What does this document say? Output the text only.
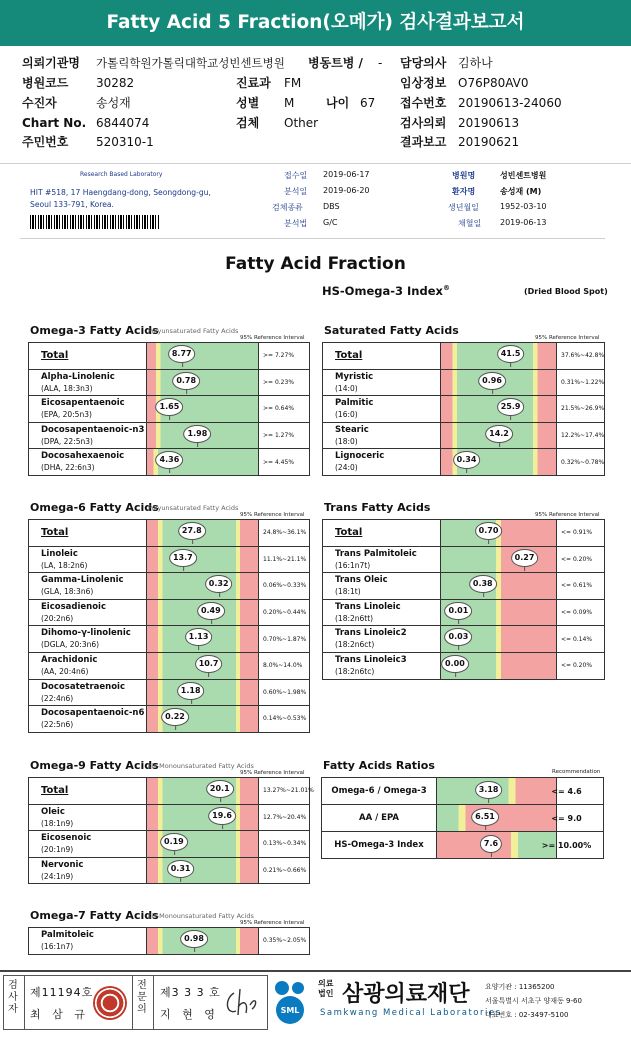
Fatty Acid 5 Fraction(오메가) 검사결과보고서
의뢰기관명 가톨릭학원가톨릭대학교성빈센트병원 병동트병 / - 담당의사 김하나
병원코드 30282	진료과 FM	임상정보 O76P80AV0
수진자	송성재	성별 M	나이 67 접수번호 20190613-24060
Chart No. 6844074	검체 Other	검사의뢰 20190613
주민번호 520310-1	결과보고 20190621
Research Based Laboratory
HIT #518, 17 Haengdang-dong, Seongdong-gu,
Seoul 133-791, Korea.
접수일 2019-06-17
분석일 2019-06-20
검체종류	DBS
분석법 G/C
병원명	성빈센트병원
환자명	송성재 (M)
생년월일	1952-03-10
채혈일 2019-06-13
Fatty Acid Fraction
HS-Omega-3 Index®	(Dried Blood Spot)
Omega-3 Fatty Acids
Polyunsaturated Fatty Acids
95% Reference Interval
Total	8.77	>= 7.27%
Alpha-Linolenic
(ALA, 18:3n3)
0.78	>= 0.23%
Eicosapentaenoic
(EPA, 20:5n3)
1.65	>= 0.64%
Docosapentaenoic-n3
(DPA, 22:5n3)
1.98	>= 1.27%
Docosahexaenoic
(DHA, 22:6n3)
4.36	>= 4.45%
Saturated Fatty Acids
95% Reference Interval
Total	41.5	37.6%~42.8%
Myristic
(14:0)
0.96	0.31%~1.22%
Palmitic
(16:0)
25.9	21.5%~26.9%
Stearic
(18:0)
14.2	12.2%~17.4%
Lignoceric
(24:0)
0.34	0.32%~0.78%
Omega-6 Fatty Acids
Polyunsaturated Fatty Acids
95% Reference Interval
Total	27.8	24.8%~36.1%
Linoleic
(LA, 18:2n6)
13.7	11.1%~21.1%
Gamma-Linolenic
(GLA, 18:3n6)
0.32	0.06%~0.33%
Eicosadienoic
(20:2n6)
0.49	0.20%~0.44%
Dihomo-γ-linolenic
(DGLA, 20:3n6)
1.13	0.70%~1.87%
Arachidonic
(AA, 20:4n6)
10.7	8.0%~14.0%
Docosatetraenoic
(22:4n6)
1.18	0.60%~1.98%
Docosapentaenoic-n6
(22:5n6)
0.22	0.14%~0.53%
Trans Fatty Acids
95% Reference Interval
Total	0.70	<= 0.91%
Trans Palmitoleic
(16:1n7t)
0.27	<= 0.20%
Trans Oleic
(18:1t)
0.38	<= 0.61%
Trans Linoleic
(18:2n6tt)
0.01	<= 0.09%
Trans Linoleic2
(18:2n6ct)
0.03	<= 0.14%
Trans Linoleic3
(18:2n6tc)
0.00	<= 0.20%
Omega-9 Fatty Acids
cis-Monounsaturated Fatty Acids
95% Reference Interval
Total	20.1	13.27%~21.01%
Oleic
(18:1n9)
19.6	12.7%~20.4%
Eicosenoic
(20:1n9)
0.19	0.13%~0.34%
Nervonic
(24:1n9)
0.31	0.21%~0.66%
Omega-7 Fatty Acids
cis-Monounsaturated Fatty Acids
95% Reference Interval
Palmitoleic
(16:1n7)
0.98	0.35%~2.05%
Fatty Acids Ratios	Recommendation
Omega-6 / Omega-3	3.18	<= 4.6
AA / EPA	6.51	<= 9.0
HS-Omega-3 Index	7.6	>= 10.00%
검사자
제11194호
최 삼 규
전문의
제3 3 3 호
지 현 영	SML
의료법인 삼광의료재단
Samkwang Medical Laboratories
요양기관 : 11365200
서울특별시 서초구 양재동 9-60
대표번호 : 02-3497-5100
